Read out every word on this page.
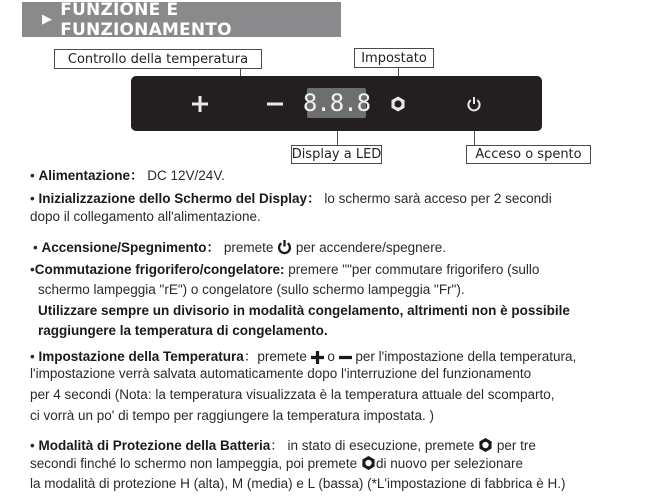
▶ FUNZIONE E FUNZIONAMENTO
Controllo della temperatura	Impostato
Display a LED	Acceso o spento
8.8.8
• Alimentazione： DC 12V/24V.
• Inizializzazione dello Schermo del Display： lo schermo sarà acceso per 2 secondi
dopo il collegamento all'alimentazione.
• Accensione/Spegnimento： premete  per accendere/spegnere.
•Commutazione frigorifero/congelatore: premere ""per commutare frigorifero (sullo
schermo lampeggia "rE") o congelatore (sullo schermo lampeggia "Fr").
Utilizzare sempre un divisorio in modalità congelamento, altrimenti non è possibile
raggiungere la temperatura di congelamento.
• Impostazione della Temperatura：premete  o  per l'impostazione della temperatura,
l'impostazione verrà salvata automaticamente dopo l'interruzione del funzionamento
per 4 secondi (Nota: la temperatura visualizzata è la temperatura attuale del scomparto,
ci vorrà un po' di tempo per raggiungere la temperatura impostata. )
• Modalità di Protezione della Batteria： in stato di esecuzione, premete  per tre
secondi finché lo schermo non lampeggia, poi premete di nuovo per selezionare
la modalità di protezione H (alta), M (media) e L (bassa) (*L'impostazione di fabbrica è H.)
